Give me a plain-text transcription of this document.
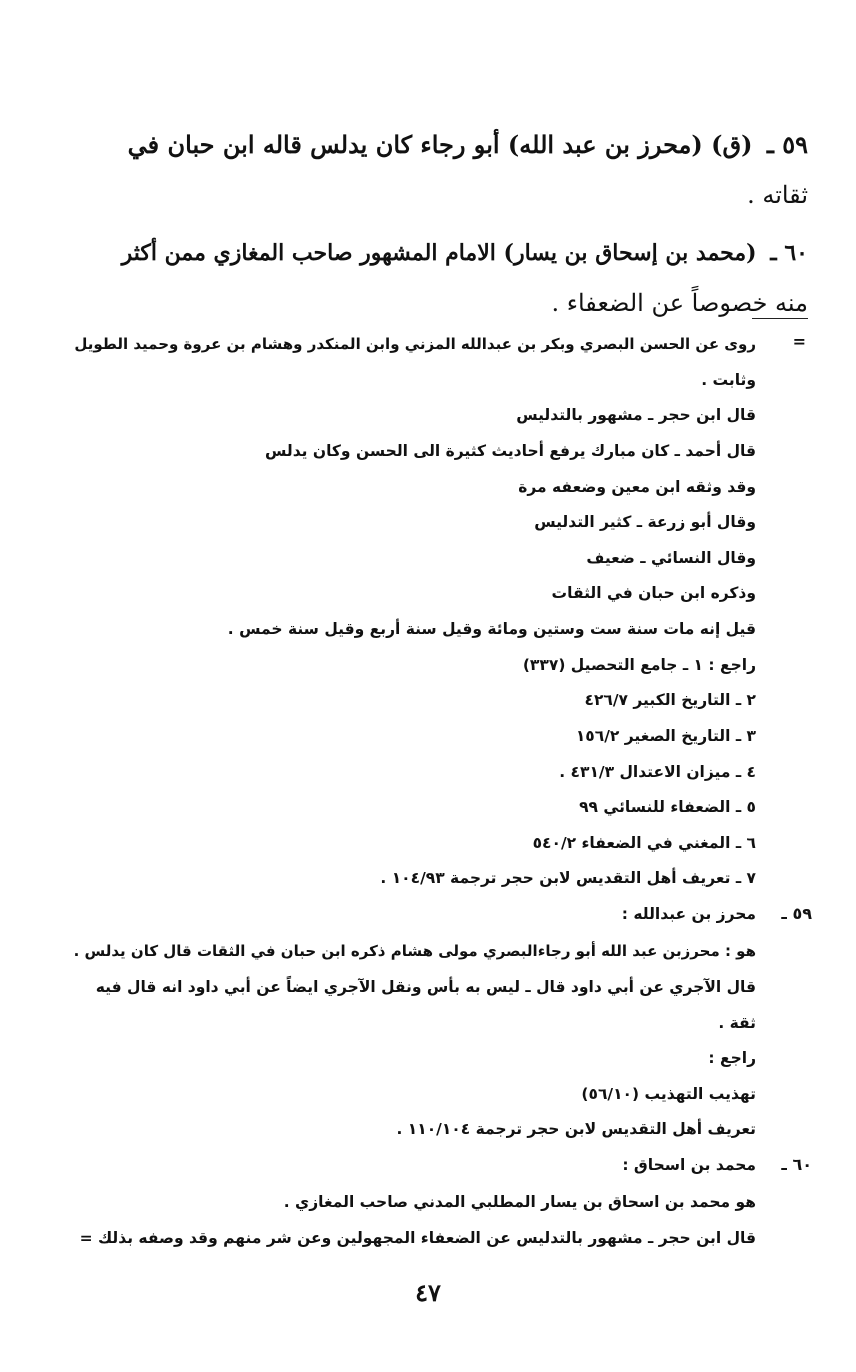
٥٩ ـ (ق) (محرز بن عبد الله) أبو رجاء كان يدلس قاله ابن حبان في
ثقاته .
٦٠ ـ (محمد بن إسحاق بن يسار) الامام المشهور صاحب المغازي ممن أكثر
منه خصوصاً عن الضعفاء .
=
روى عن الحسن البصري وبكر بن عبدالله المزني وابن المنكدر وهشام بن عروة وحميد الطويل
وثابت .
قال ابن حجر ـ مشهور بالتدليس
قال أحمد ـ كان مبارك يرفع أحاديث كثيرة الى الحسن وكان يدلس
وقد وثقه ابن معين وضعفه مرة
وقال أبو زرعة ـ كثير التدليس
وقال النسائي ـ ضعيف
وذكره ابن حبان في الثقات
قيل إنه مات سنة ست وستين ومائة وقيل سنة أربع وقيل سنة خمس .
راجع : ١ ـ جامع التحصيل (٣٣٧)
٢ ـ التاريخ الكبير ٤٢٦/٧
٣ ـ التاريخ الصغير ١٥٦/٢
٤ ـ ميزان الاعتدال ٤٣١/٣ .
٥ ـ الضعفاء للنسائي ٩٩
٦ ـ المغني في الضعفاء ٥٤٠/٢
٧ ـ تعريف أهل التقديس لابن حجر ترجمة ١٠٤/٩٣ .
٥٩ ـ
محرز بن عبدالله :
هو : محرزبن عبد الله أبو رجاءالبصري مولى هشام ذكره ابن حبان في الثقات قال كان يدلس .
قال الآجري عن أبي داود قال ـ ليس به بأس ونقل الآجري ايضاً عن أبي داود انه قال فيه
ثقة .
راجع :
تهذيب التهذيب (٥٦/١٠)
تعريف أهل التقديس لابن حجر ترجمة ١١٠/١٠٤ .
٦٠ ـ
محمد بن اسحاق :
هو محمد بن اسحاق بن يسار المطلبي المدني صاحب المغازي .
قال ابن حجر ـ مشهور بالتدليس عن الضعفاء المجهولين وعن شر منهم وقد وصفه بذلك =
٤٧
